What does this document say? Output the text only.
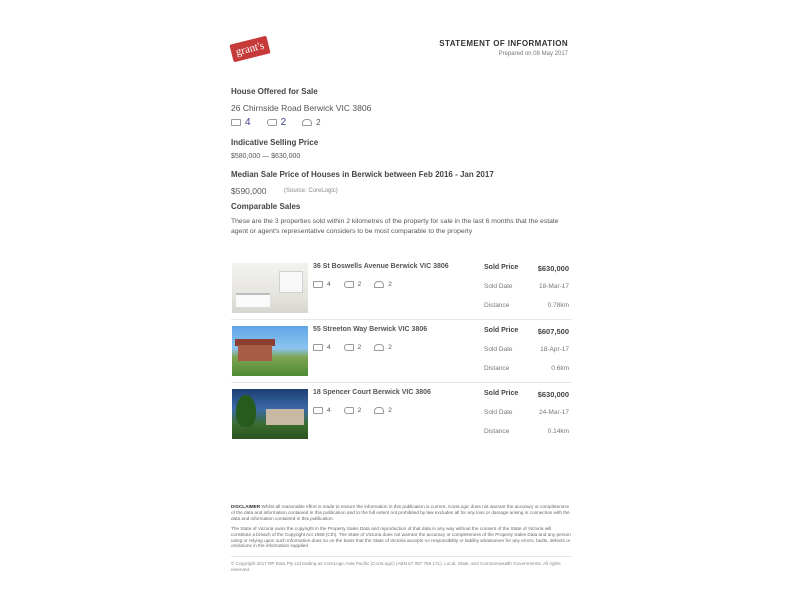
grant's	STATEMENT OF INFORMATION
Prepared on 08 May 2017
House Offered for Sale
26 Chirnside Road Berwick VIC 3806
4	2	2
Indicative Selling Price
$580,000 — $630,000
Median Sale Price of Houses in Berwick between Feb 2016 - Jan 2017
$590,000	(Source: CoreLogic)
Comparable Sales
These are the 3 properties sold within 2 kilometres of the property for sale in the last 6 months that the estate agent or agent's representative considers to be most comparable to the property
36 St Boswells Avenue Berwick VIC 3806
4	2	2
Sold Price	$630,000
Sold Date	18-Mar-17
Distance	0.78km
55 Streeton Way Berwick VIC 3806
4	2	2
Sold Price	$607,500
Sold Date	18-Apr-17
Distance	0.6km
18 Spencer Court Berwick VIC 3806
4	2	2
Sold Price	$630,000
Sold Date	24-Mar-17
Distance	0.14km
DISCLAIMER Whilst all reasonable effort is made to ensure the information in this publication is current, CoreLogic does not warrant the accuracy or completeness of the data and information contained in this publication and to the full extent not prohibited by law excludes all for any loss or damage arising in connection with the data and information contained in this publication.
The State of Victoria owns the copyright in the Property Sales Data and reproduction of that data in any way without the consent of the State of Victoria will constitute a breach of the Copyright Act 1968 (Cth). The State of Victoria does not warrant the accuracy or completeness of the Property Sales Data and any person using or relying upon such information does so on the basis that the State of Victoria accepts no responsibility or liability whatsoever for any errors, faults, defects or omissions in the information supplied.
© Copyright 2017 RP Data Pty Ltd trading as CoreLogic Asia Pacific (CoreLogic) (ABN 67 087 759 171). Local, State, and Commonwealth Governments. All rights reserved.
